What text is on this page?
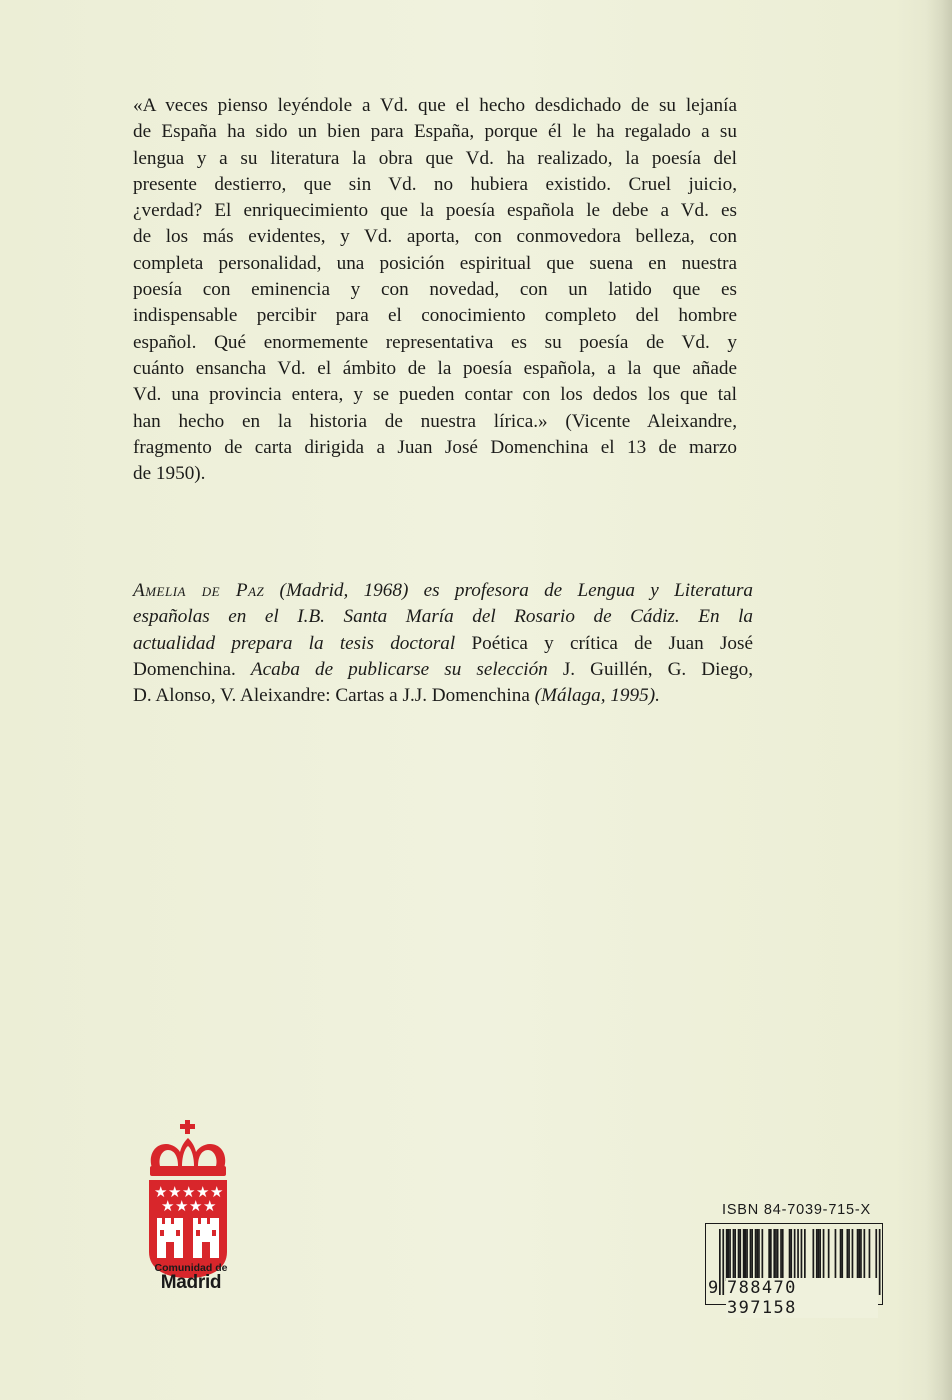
«A veces pienso leyéndole a Vd. que el hecho desdichado de su lejanía
de España ha sido un bien para España, porque él le ha regalado a su
lengua y a su literatura la obra que Vd. ha realizado, la poesía del
presente destierro, que sin Vd. no hubiera existido. Cruel juicio,
¿verdad? El enriquecimiento que la poesía española le debe a Vd. es
de los más evidentes, y Vd. aporta, con conmovedora belleza, con
completa personalidad, una posición espiritual que suena en nuestra
poesía con eminencia y con novedad, con un latido que es
indispensable percibir para el conocimiento completo del hombre
español. Qué enormemente representativa es su poesía de Vd. y
cuánto ensancha Vd. el ámbito de la poesía española, a la que añade
Vd. una provincia entera, y se pueden contar con los dedos los que tal
han hecho en la historia de nuestra lírica.» (Vicente Aleixandre,
fragmento de carta dirigida a Juan José Domenchina el 13 de marzo
de 1950).
Amelia de Paz (Madrid, 1968) es profesora de Lengua y Literatura
españolas en el I.B. Santa María del Rosario de Cádiz. En la
actualidad prepara la tesis doctoral Poética y crítica de Juan José
Domenchina. Acaba de publicarse su selección J. Guillén, G. Diego,
D. Alonso, V. Aleixandre: Cartas a J.J. Domenchina (Málaga, 1995).
★ ★ ★ ★ ★
★ ★ ★ ★
Comunidad de
Madrid
ISBN 84-7039-715-X
9 788470 397158
